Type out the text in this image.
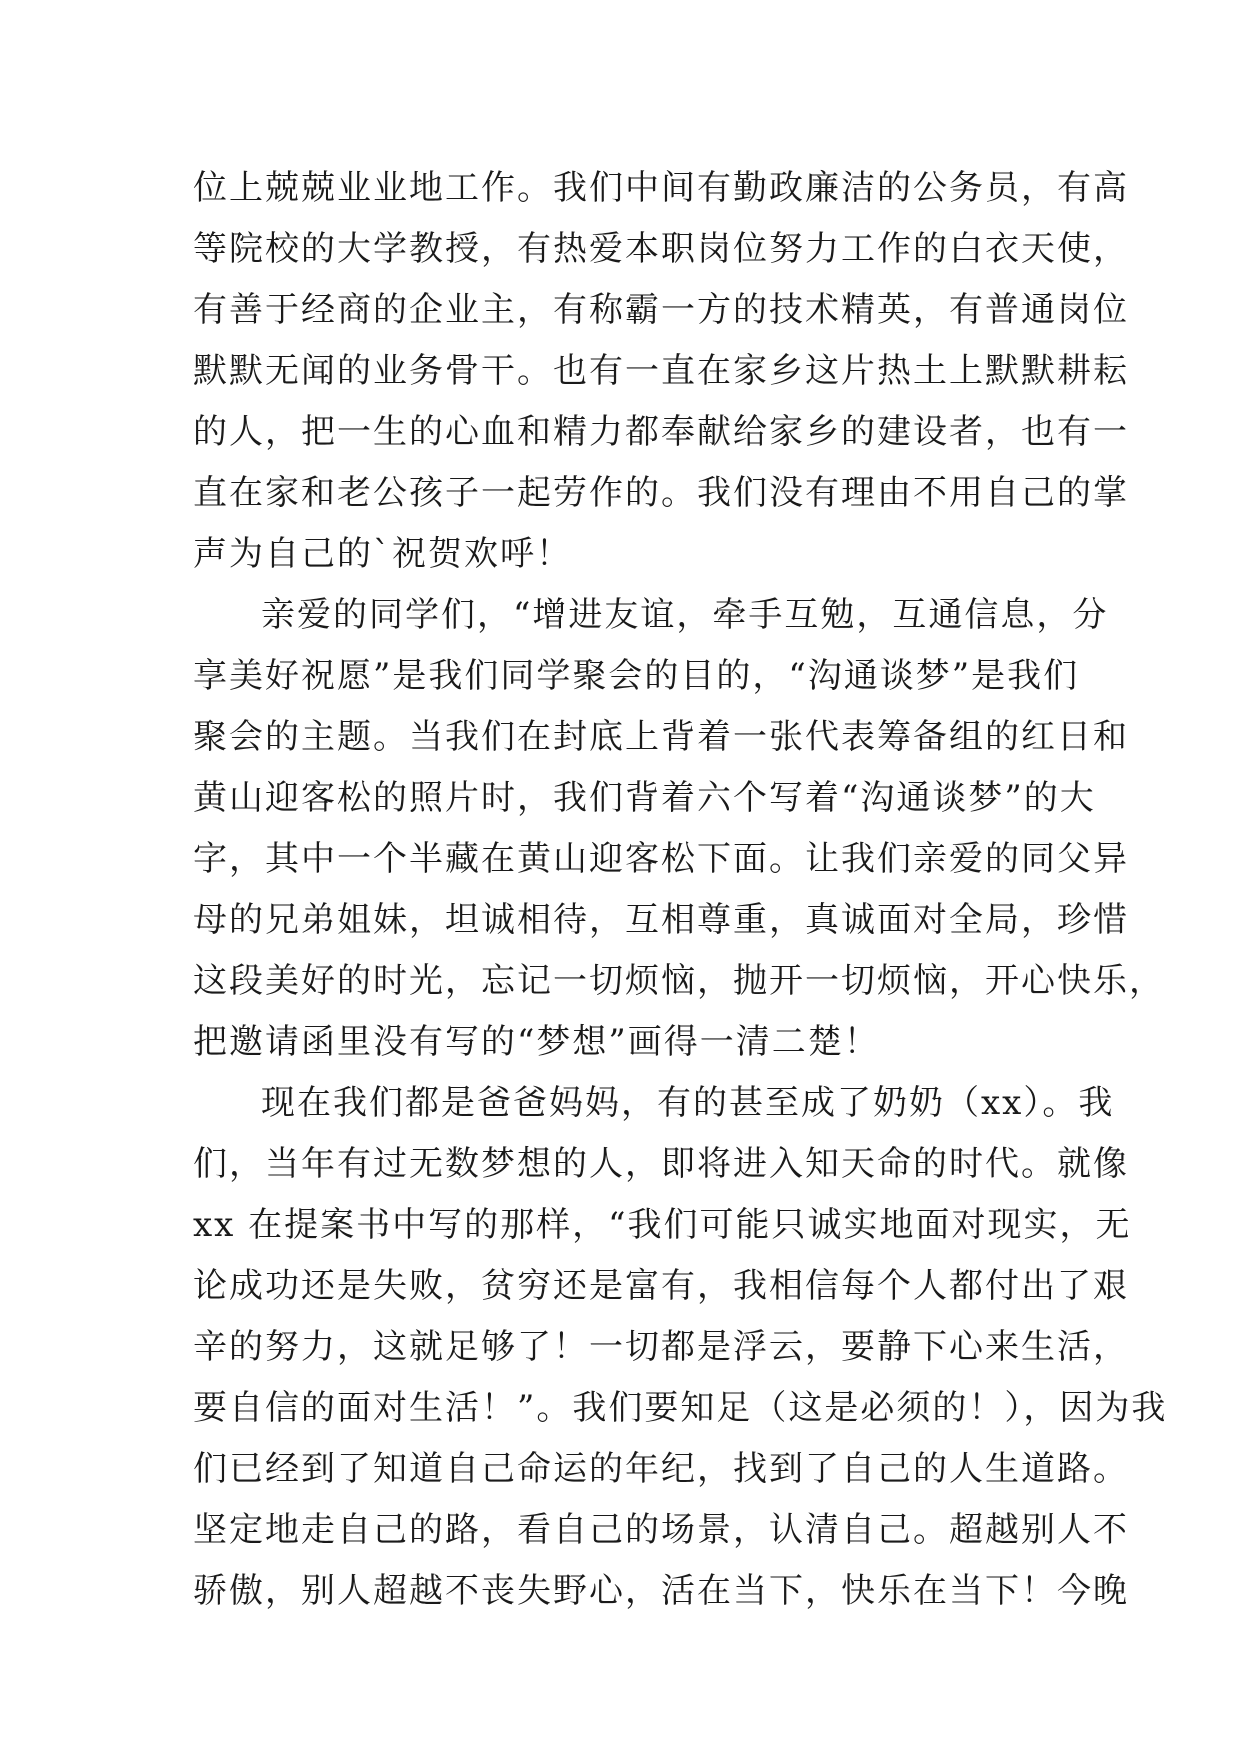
位上兢兢业业地工作。我们中间有勤政廉洁的公务员，有高
等院校的大学教授，有热爱本职岗位努力工作的白衣天使，
有善于经商的企业主，有称霸一方的技术精英，有普通岗位
默默无闻的业务骨干。也有一直在家乡这片热土上默默耕耘
的人，把一生的心血和精力都奉献给家乡的建设者，也有一
直在家和老公孩子一起劳作的。我们没有理由不用自己的掌
声为自己的`祝贺欢呼！
亲爱的同学们，“增进友谊，牵手互勉，互通信息，分
享美好祝愿”是我们同学聚会的目的，“沟通谈梦”是我们
聚会的主题。当我们在封底上背着一张代表筹备组的红日和
黄山迎客松的照片时，我们背着六个写着“沟通谈梦”的大
字，其中一个半藏在黄山迎客松下面。让我们亲爱的同父异
母的兄弟姐妹，坦诚相待，互相尊重，真诚面对全局，珍惜
这段美好的时光，忘记一切烦恼，抛开一切烦恼，开心快乐，
把邀请函里没有写的“梦想”画得一清二楚！
现在我们都是爸爸妈妈，有的甚至成了奶奶（xx）。我
们，当年有过无数梦想的人，即将进入知天命的时代。就像
xx 在提案书中写的那样，“我们可能只诚实地面对现实，无
论成功还是失败，贫穷还是富有，我相信每个人都付出了艰
辛的努力，这就足够了！一切都是浮云，要静下心来生活，
要自信的面对生活！”。我们要知足（这是必须的！），因为我
们已经到了知道自己命运的年纪，找到了自己的人生道路。
坚定地走自己的路，看自己的场景，认清自己。超越别人不
骄傲，别人超越不丧失野心，活在当下，快乐在当下！今晚
